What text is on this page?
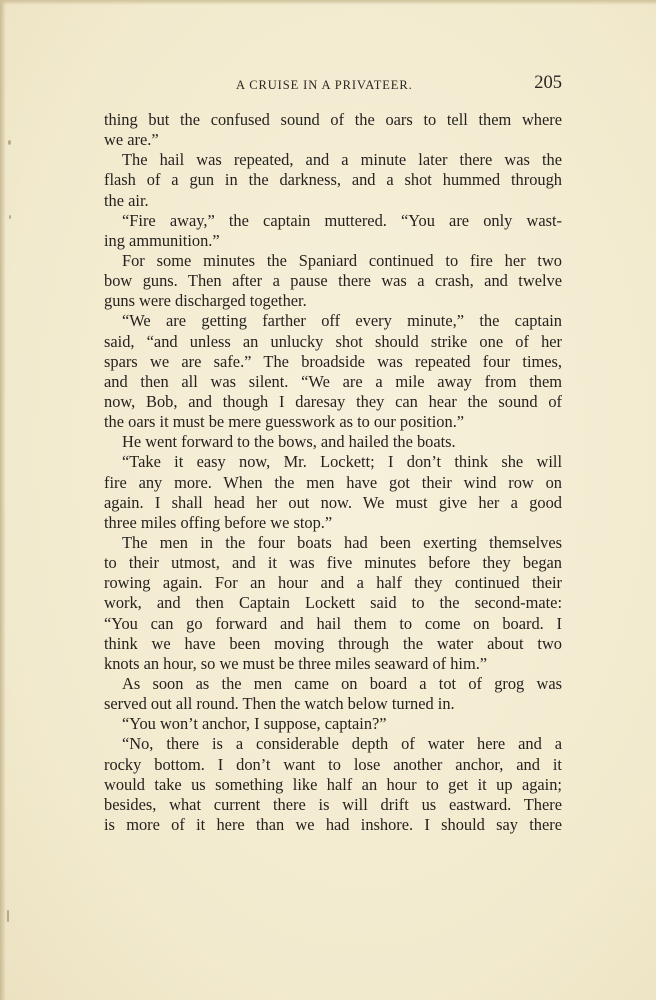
A CRUISE IN A PRIVATEER.	205
thing but the confused sound of the oars to tell them where
we are.”
The hail was repeated, and a minute later there was the
flash of a gun in the darkness, and a shot hummed through
the air.
“Fire away,” the captain muttered. “You are only wast-
ing ammunition.”
For some minutes the Spaniard continued to fire her two
bow guns. Then after a pause there was a crash, and twelve
guns were discharged together.
“We are getting farther off every minute,” the captain
said, “and unless an unlucky shot should strike one of her
spars we are safe.” The broadside was repeated four times,
and then all was silent. “We are a mile away from them
now, Bob, and though I daresay they can hear the sound of
the oars it must be mere guesswork as to our position.”
He went forward to the bows, and hailed the boats.
“Take it easy now, Mr. Lockett; I don’t think she will
fire any more. When the men have got their wind row on
again. I shall head her out now. We must give her a good
three miles offing before we stop.”
The men in the four boats had been exerting themselves
to their utmost, and it was five minutes before they began
rowing again. For an hour and a half they continued their
work, and then Captain Lockett said to the second-mate:
“You can go forward and hail them to come on board. I
think we have been moving through the water about two
knots an hour, so we must be three miles seaward of him.”
As soon as the men came on board a tot of grog was
served out all round. Then the watch below turned in.
“You won’t anchor, I suppose, captain?”
“No, there is a considerable depth of water here and a
rocky bottom. I don’t want to lose another anchor, and it
would take us something like half an hour to get it up again;
besides, what current there is will drift us eastward. There
is more of it here than we had inshore. I should say there
